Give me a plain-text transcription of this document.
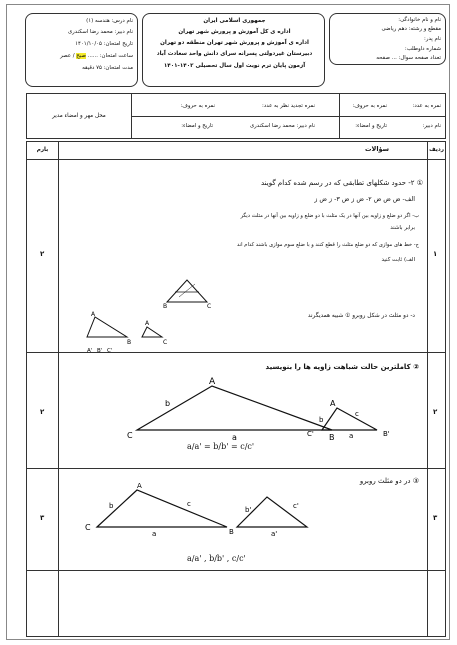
نام و نام خانوادگی:
مقطع و رشته: دهم ریاضی
نام پدر:
شماره داوطلب:
تعداد صفحه سوال: ... صفحه
جمهوری اسلامی ایران
اداره ی کل آموزش و پرورش شهر تهران
اداره ی آموزش و پرورش شهر تهران منطقه دو تهران
دبیرستان غیردولتی پسرانه سرای دانش واحد سعادت آباد
آزمون پایان ترم نوبت اول سال تحصیلی ۱۴۰۲-۱۴۰۱
نام درس: هندسه (۱)
نام دبیر: محمد رضا اسکندری
تاریخ امتحان: ۱۴۰۱/۱۰/۰۵
ساعت امتحان: ...... صبح / عصر
مدت امتحان: ۷۵ دقیقه
نمره به عدد:
نمره به حروف:
نمره تجدید نظر به عدد:
نمره به حروف:
نام دبیر:
تاریخ و امضاء:
نام دبیر: محمد رضا اسکندری
تاریخ و امضاء:
محل مهر و امضاء مدیر
ردیف
سؤالات
بارم
۱
۲
۲
۲
۳
۳
① ۲- حدود شکلهای تطابقی که در رسم شده کدام گویند
الف- ض ض ض ۲- ض ز ض ۳- ز ض ز
ب- اگر دو ضلع و زاویه بین آنها در یک مثلث با دو ضلع و زاویه بین آنها در مثلث دیگر
برابر باشند
ج- خط های موازی که دو ضلع مثلث را قطع کنند و با ضلع سوم موازی باشند کدام اند
الف) ثابت کنید
د- دو مثلث در شکل روبرو ① شبیه همدیگرند
B
A
C
A
B	C
A' B' C'
② کاملترین حالت شباهت زاویه ها را بنویسید
A
b
a
C	B
A
b
a
c
B'
C'
a/a' = b/b' = c/c'
③ در دو مثلث روبرو
C
b
a
A
c
B
b'
a'
c'
a/a' , b/b' , c/c'
